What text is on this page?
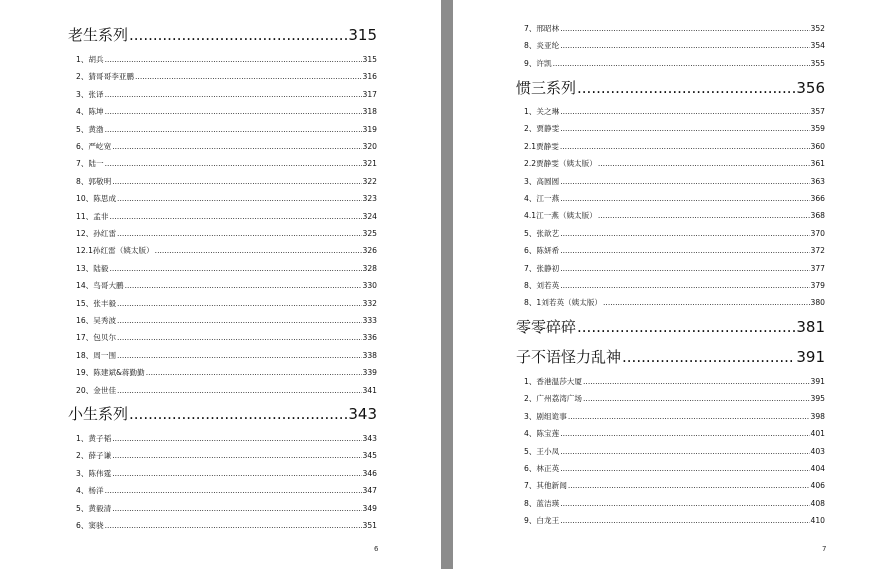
老生系列 .....	315
1、胡兵 .....	315
2、猜哥哥李亚鹏 .....	316
3、张译 .....	317
4、陈坤 .....	318
5、黄渤 .....	319
6、严屹宽 .....	320
7、陆一 .....	321
8、郭敬明 .....	322
10、陈思成 .....	323
11、孟非 .....	324
12、孙红雷 .....	325
12.1孙红雷（姨太版） .....	326
13、陆毅 .....	328
14、鸟哥大鹏 .....	330
15、张丰毅 .....	332
16、吴秀波 .....	333
17、包贝尔 .....	336
18、周一围 .....	338
19、陈建斌&蒋勤勤 .....	339
20、金世佳 .....	341
小生系列 .....	343
1、黄子韬 .....	343
2、薛子谦 .....	345
3、陈伟霆 .....	346
4、杨洋 .....	347
5、黄毅清 .....	349
6、窦骁 .....	351
6
7、邢昭林 .....	352
8、炎亚纶 .....	354
9、许凯 .....	355
惯三系列 .....	356
1、关之琳 .....	357
2、贾静雯 .....	359
2.1贾静雯 .....	360
2.2贾静雯（姨太版） .....	361
3、高圆圆 .....	363
4、江一燕 .....	366
4.1江一燕（姨太版） .....	368
5、张歆艺 .....	370
6、陈妍希 .....	372
7、张静初 .....	377
8、刘若英 .....	379
8、1刘若英（姨太版） .....	380
零零碎碎 .....	381
子不语怪力乱神 .....	391
1、香港温莎大厦 .....	391
2、广州荔湾广场 .....	395
3、剧组诡事 .....	398
4、陈宝莲 .....	401
5、王小凤 .....	403
6、林正英 .....	404
7、其他新闻 .....	406
8、蓝洁瑛 .....	408
9、白龙王 .....	410
7
